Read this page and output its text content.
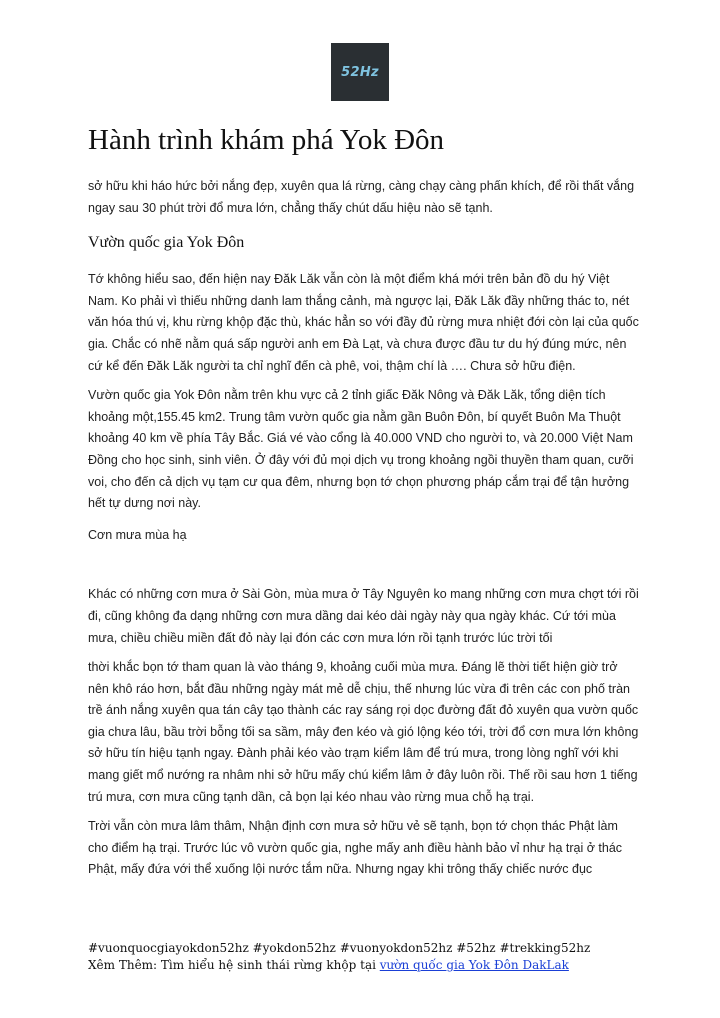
52Hz
Hành trình khám phá Yok Đôn

sở hữu khi háo hức bởi nắng đẹp, xuyên qua lá rừng, càng chạy càng phấn khích, để rồi thất vắng ngay sau 30 phút trời đổ mưa lớn, chẳng thấy chút dấu hiệu nào sẽ tạnh.

Vườn quốc gia Yok Đôn

Tớ không hiểu sao, đến hiện nay Đăk Lăk vẫn còn là một điểm khá mới trên bản đồ du hý Việt Nam. Ko phải vì thiếu những danh lam thắng cảnh, mà ngược lại, Đăk Lăk đầy những thác to, nét văn hóa thú vị, khu rừng khộp đặc thù, khác hẳn so với đầy đủ rừng mưa nhiệt đới còn lại của quốc gia. Chắc có nhẽ nằm quá sấp người anh em Đà Lạt, và chưa được đầu tư du hý đúng mức, nên cứ kể đến Đăk Lăk người ta chỉ nghĩ đến cà phê, voi, thậm chí là …. Chưa sở hữu điện.

Vườn quốc gia Yok Đôn nằm trên khu vực cả 2 tỉnh giấc Đăk Nông và Đăk Lăk, tổng diện tích khoảng một,155.45 km2. Trung tâm vườn quốc gia nằm gần Buôn Đôn, bí quyết Buôn Ma Thuột khoảng 40 km về phía Tây Bắc. Giá vé vào cổng là 40.000 VND cho người to, và 20.000 Việt Nam Đồng cho học sinh, sinh viên. Ở đây với đủ mọi dịch vụ trong khoảng ngồi thuyền tham quan, cưỡi voi, cho đến cả dịch vụ tạm cư qua đêm, nhưng bọn tớ chọn phương pháp cắm trại để tận hưởng hết tự dưng nơi này.

Cơn mưa mùa hạ

Khác có những cơn mưa ở Sài Gòn, mùa mưa ở Tây Nguyên ko mang những cơn mưa chợt tới rồi đi, cũng không đa dạng những cơn mưa dầng dai kéo dài ngày này qua ngày khác. Cứ tới mùa mưa, chiều chiều miền đất đỏ này lại đón các cơn mưa lớn rồi tạnh trước lúc trời tối

thời khắc bọn tớ tham quan là vào tháng 9, khoảng cuối mùa mưa. Đáng lẽ thời tiết hiện giờ trở nên khô ráo hơn, bắt đầu những ngày mát mẻ dễ chịu, thế nhưng lúc vừa đi trên các con phố tràn trề ánh nắng xuyên qua tán cây tạo thành các ray sáng rọi dọc đường đất đỏ xuyên qua vườn quốc gia chưa lâu, bầu trời bỗng tối sa sầm, mây đen kéo và gió lộng kéo tới, trời đổ cơn mưa lớn không sở hữu tín hiệu tạnh ngay. Đành phải kéo vào trạm kiểm lâm để trú mưa, trong lòng nghĩ với khi mang giết mổ nướng ra nhâm nhi sở hữu mấy chú kiểm lâm ở đây luôn rồi. Thế rồi sau hơn 1 tiếng trú mưa, cơn mưa cũng tạnh dần, cả bọn lại kéo nhau vào rừng mua chỗ hạ trại.

Trời vẫn còn mưa lâm thâm, Nhận định cơn mưa sở hữu vẻ sẽ tạnh, bọn tớ chọn thác Phật làm cho điểm hạ trại. Trước lúc vô vườn quốc gia, nghe mấy anh điều hành bảo vỉ như hạ trại ở thác Phật, mấy đứa với thể xuống lội nước tắm nữa. Nhưng ngay khi trông thấy chiếc nước đục

#vuonquocgiayokdon52hz #yokdon52hz #vuonyokdon52hz #52hz #trekking52hz
Xêm Thêm: Tìm hiểu hệ sinh thái rừng khộp tại vườn quốc gia Yok Đôn DakLak
